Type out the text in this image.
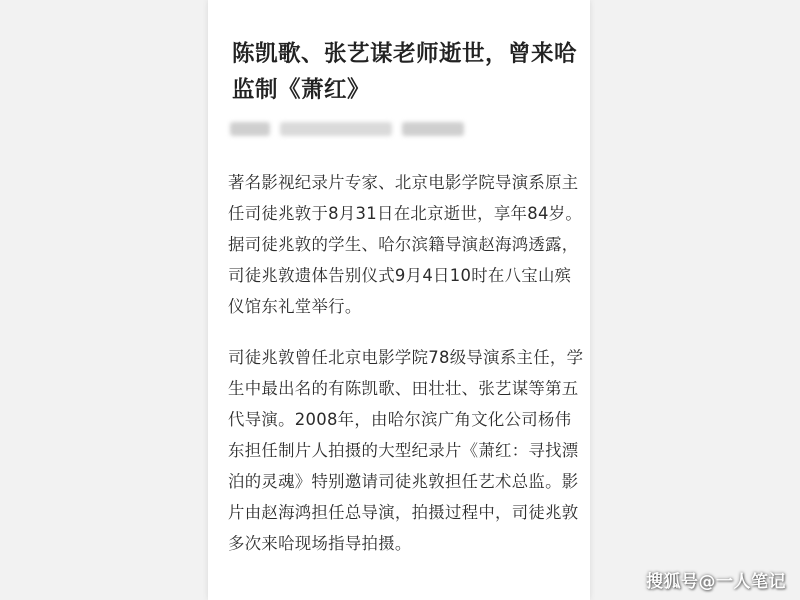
陈凯歌、张艺谋老师逝世，曾来哈监制《萧红》
著名影视纪录片专家、北京电影学院导演系原主任司徒兆敦于8月31日在北京逝世，享年84岁。据司徒兆敦的学生、哈尔滨籍导演赵海鸿透露，司徒兆敦遗体告别仪式9月4日10时在八宝山殡仪馆东礼堂举行。
司徒兆敦曾任北京电影学院78级导演系主任，学生中最出名的有陈凯歌、田壮壮、张艺谋等第五代导演。2008年，由哈尔滨广角文化公司杨伟东担任制片人拍摄的大型纪录片《萧红：寻找漂泊的灵魂》特别邀请司徒兆敦担任艺术总监。影片由赵海鸿担任总导演，拍摄过程中，司徒兆敦多次来哈现场指导拍摄。
搜狐号@一人笔记
